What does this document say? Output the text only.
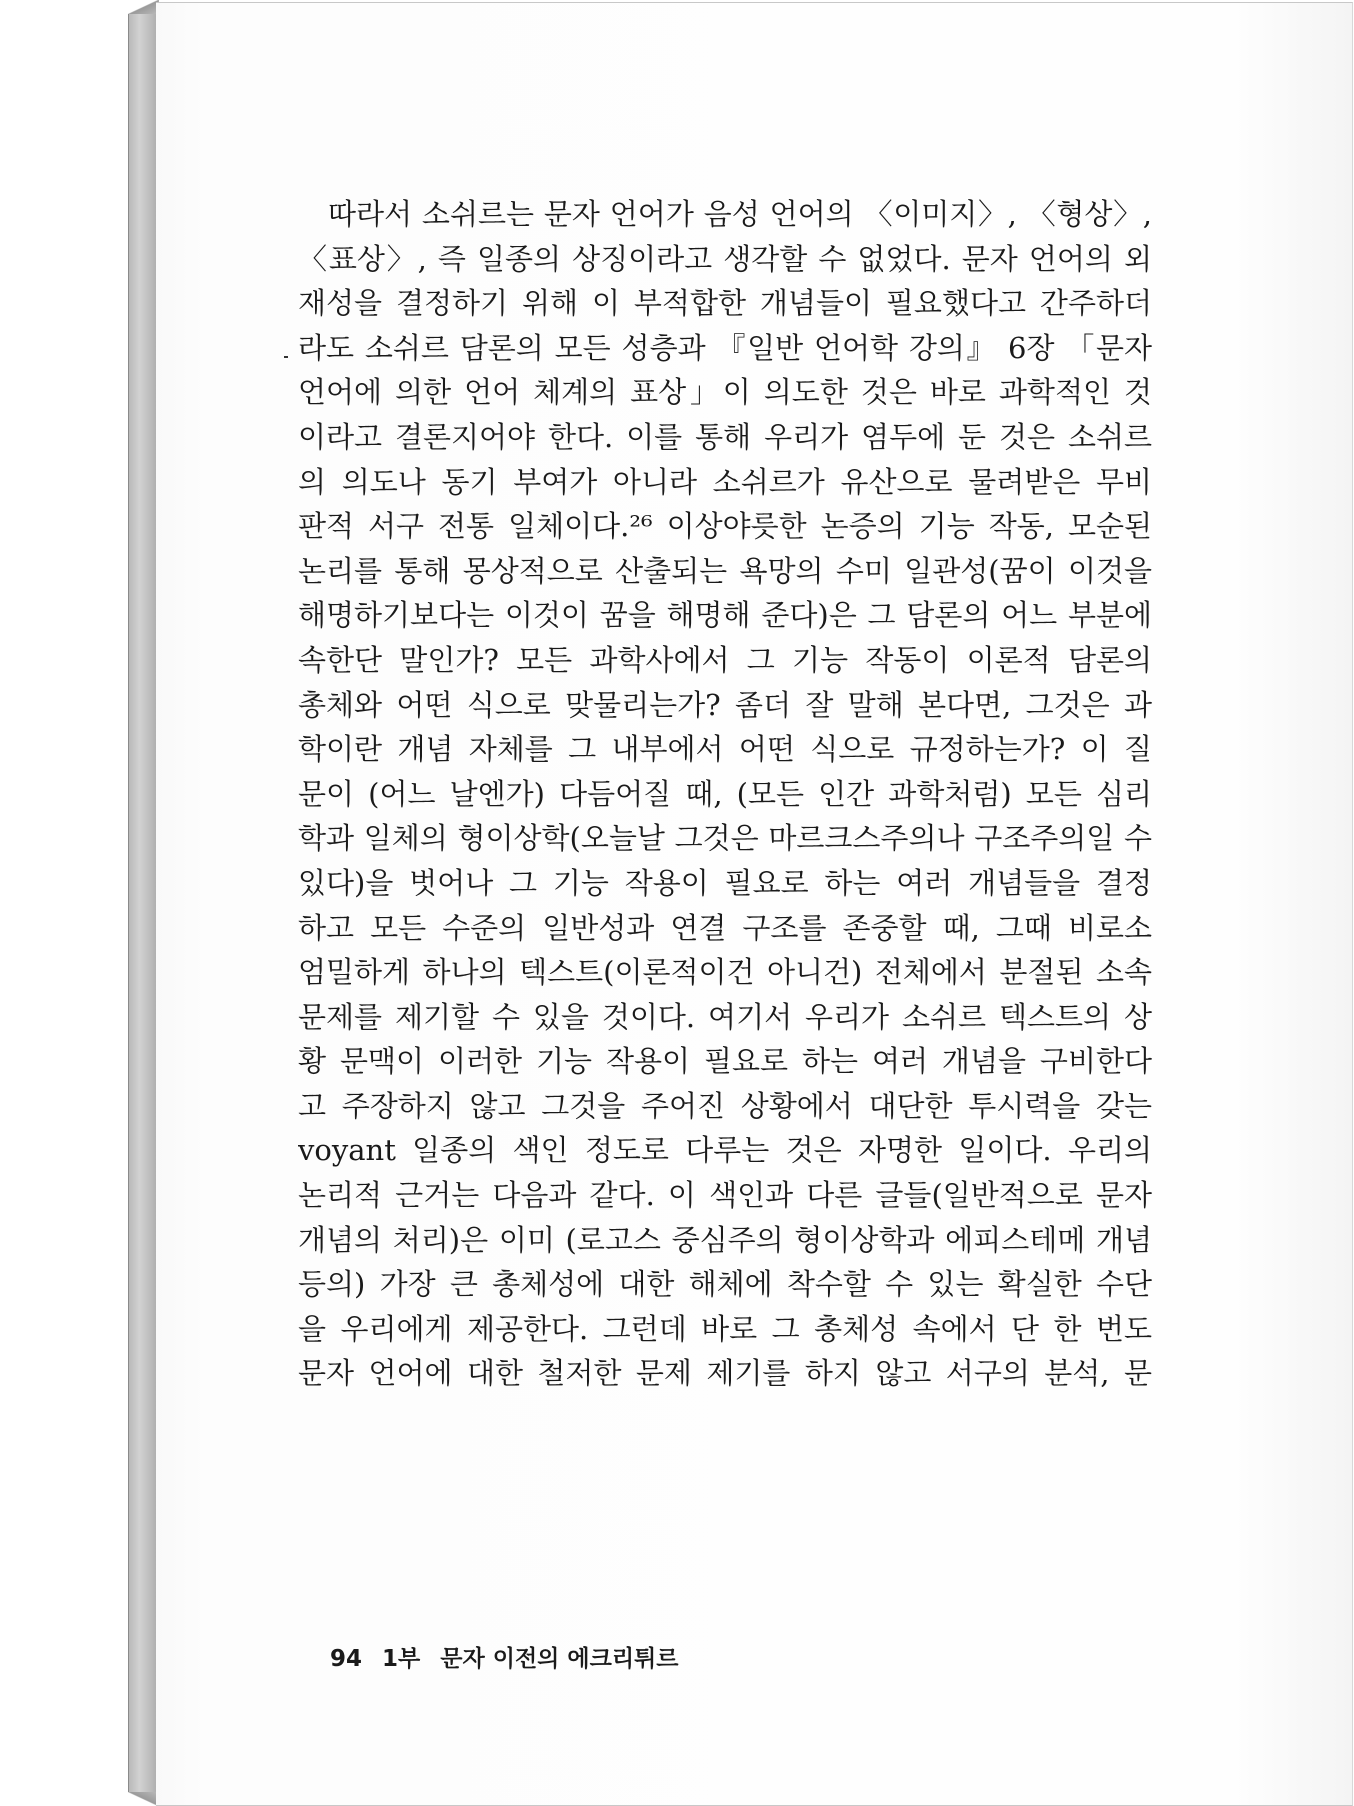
따라서 소쉬르는 문자 언어가 음성 언어의 〈이미지〉, 〈형상〉,
〈표상〉, 즉 일종의 상징이라고 생각할 수 없었다. 문자 언어의 외
재성을 결정하기 위해 이 부적합한 개념들이 필요했다고 간주하더
라도 소쉬르 담론의 모든 성층과 『일반 언어학 강의』 6장 「문자
언어에 의한 언어 체계의 표상」이 의도한 것은 바로 과학적인 것
이라고 결론지어야 한다. 이를 통해 우리가 염두에 둔 것은 소쉬르
의 의도나 동기 부여가 아니라 소쉬르가 유산으로 물려받은 무비
판적 서구 전통 일체이다.²⁶ 이상야릇한 논증의 기능 작동, 모순된
논리를 통해 몽상적으로 산출되는 욕망의 수미 일관성(꿈이 이것을
해명하기보다는 이것이 꿈을 해명해 준다)은 그 담론의 어느 부분에
속한단 말인가? 모든 과학사에서 그 기능 작동이 이론적 담론의
총체와 어떤 식으로 맞물리는가? 좀더 잘 말해 본다면, 그것은 과
학이란 개념 자체를 그 내부에서 어떤 식으로 규정하는가? 이 질
문이 (어느 날엔가) 다듬어질 때, (모든 인간 과학처럼) 모든 심리
학과 일체의 형이상학(오늘날 그것은 마르크스주의나 구조주의일 수
있다)을 벗어나 그 기능 작용이 필요로 하는 여러 개념들을 결정
하고 모든 수준의 일반성과 연결 구조를 존중할 때, 그때 비로소
엄밀하게 하나의 텍스트(이론적이건 아니건) 전체에서 분절된 소속
문제를 제기할 수 있을 것이다. 여기서 우리가 소쉬르 텍스트의 상
황 문맥이 이러한 기능 작용이 필요로 하는 여러 개념을 구비한다
고 주장하지 않고 그것을 주어진 상황에서 대단한 투시력을 갖는
voyant 일종의 색인 정도로 다루는 것은 자명한 일이다. 우리의
논리적 근거는 다음과 같다. 이 색인과 다른 글들(일반적으로 문자
개념의 처리)은 이미 (로고스 중심주의 형이상학과 에피스테메 개념
등의) 가장 큰 총체성에 대한 해체에 착수할 수 있는 확실한 수단
을 우리에게 제공한다. 그런데 바로 그 총체성 속에서 단 한 번도
문자 언어에 대한 철저한 문제 제기를 하지 않고 서구의 분석, 문
94 1부 문자 이전의 에크리튀르
